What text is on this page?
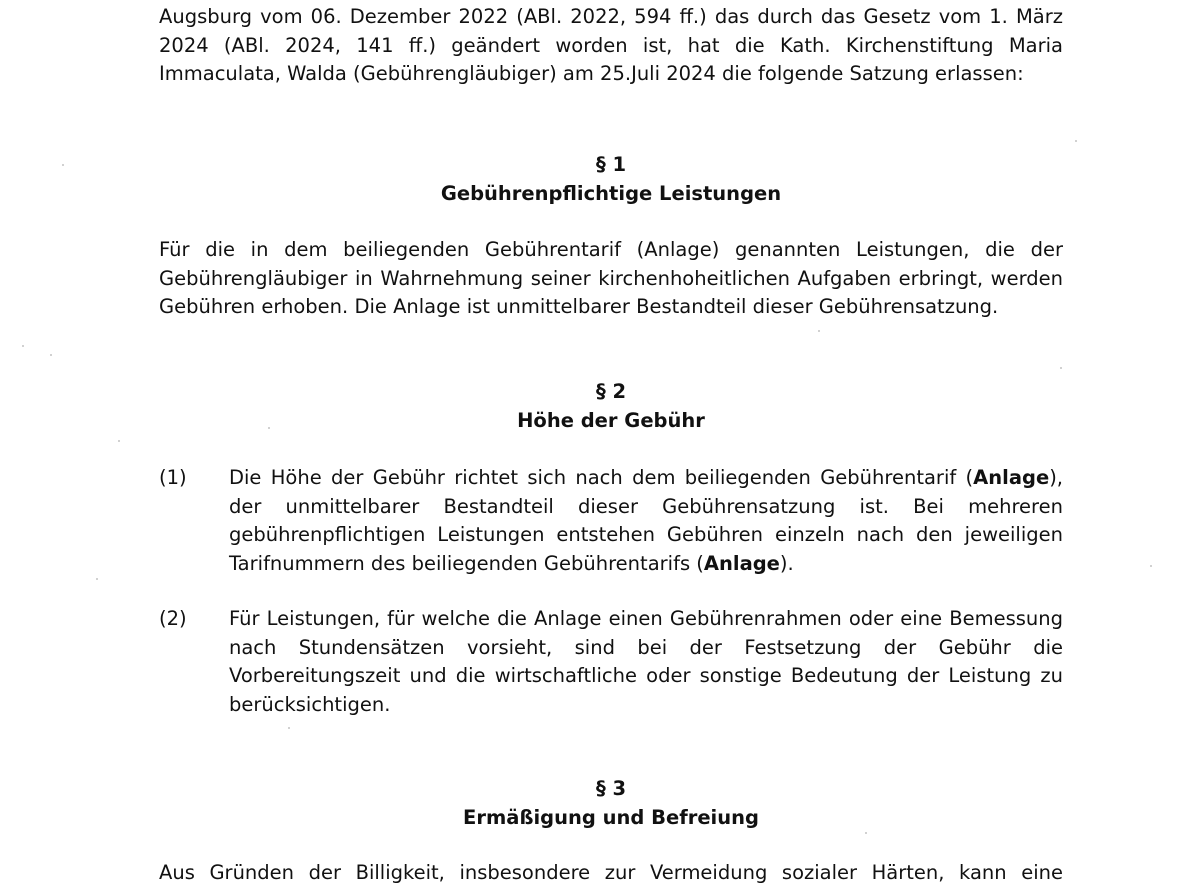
Augsburg vom 06. Dezember 2022 (ABl. 2022, 594 ff.) das durch das Gesetz vom 1. März 2024 (ABl. 2024, 141 ff.) geändert worden ist, hat die Kath. Kirchenstiftung Maria Immaculata, Walda (Gebührengläubiger) am 25.Juli 2024 die folgende Satzung erlassen:
§ 1
Gebührenpflichtige Leistungen
Für die in dem beiliegenden Gebührentarif (Anlage) genannten Leistungen, die der Gebührengläubiger in Wahrnehmung seiner kirchenhoheitlichen Aufgaben erbringt, werden Gebühren erhoben. Die Anlage ist unmittelbarer Bestandteil dieser Gebührensatzung.
§ 2
Höhe der Gebühr
(1)	Die Höhe der Gebühr richtet sich nach dem beiliegenden Gebührentarif (Anlage), der unmittelbarer Bestandteil dieser Gebührensatzung ist. Bei mehreren gebührenpflichtigen Leistungen entstehen Gebühren einzeln nach den jeweiligen Tarifnummern des beiliegenden Gebührentarifs (Anlage).
(2)	Für Leistungen, für welche die Anlage einen Gebührenrahmen oder eine Bemessung nach Stundensätzen vorsieht, sind bei der Festsetzung der Gebühr die Vorbereitungszeit und die wirtschaftliche oder sonstige Bedeutung der Leistung zu berücksichtigen.
§ 3
Ermäßigung und Befreiung
Aus Gründen der Billigkeit, insbesondere zur Vermeidung sozialer Härten, kann eine
